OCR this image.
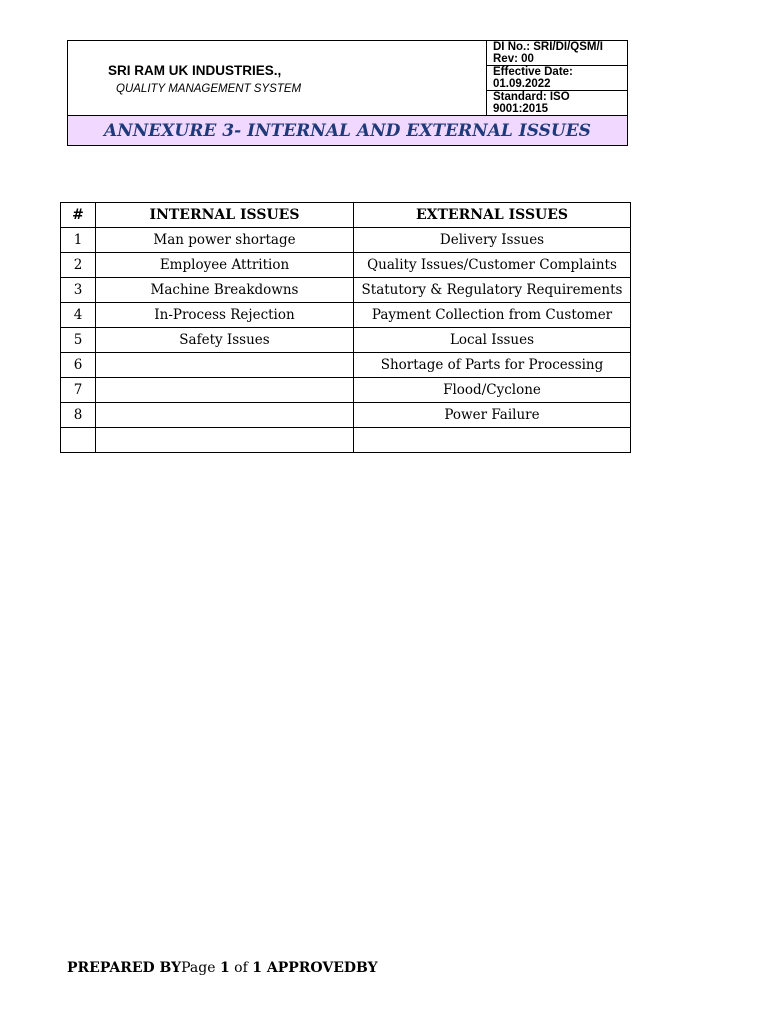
SRI RAM UK INDUSTRIES.,
QUALITY MANAGEMENT SYSTEM
	DI No.: SRI/DI/QSM/I Rev: 00
Effective Date: 01.09.2022
Standard: ISO 9001:2015
ANNEXURE 3- INTERNAL AND EXTERNAL ISSUES
#	INTERNAL ISSUES	EXTERNAL ISSUES
1	Man power shortage	Delivery Issues
2	Employee Attrition	Quality Issues/Customer Complaints
3	Machine Breakdowns	Statutory & Regulatory Requirements
4	In-Process Rejection	Payment Collection from Customer
5	Safety Issues	Local Issues
6		Shortage of Parts for Processing
7		Flood/Cyclone
8		Power Failure

PREPARED BYPage 1 of 1 APPROVEDBY
